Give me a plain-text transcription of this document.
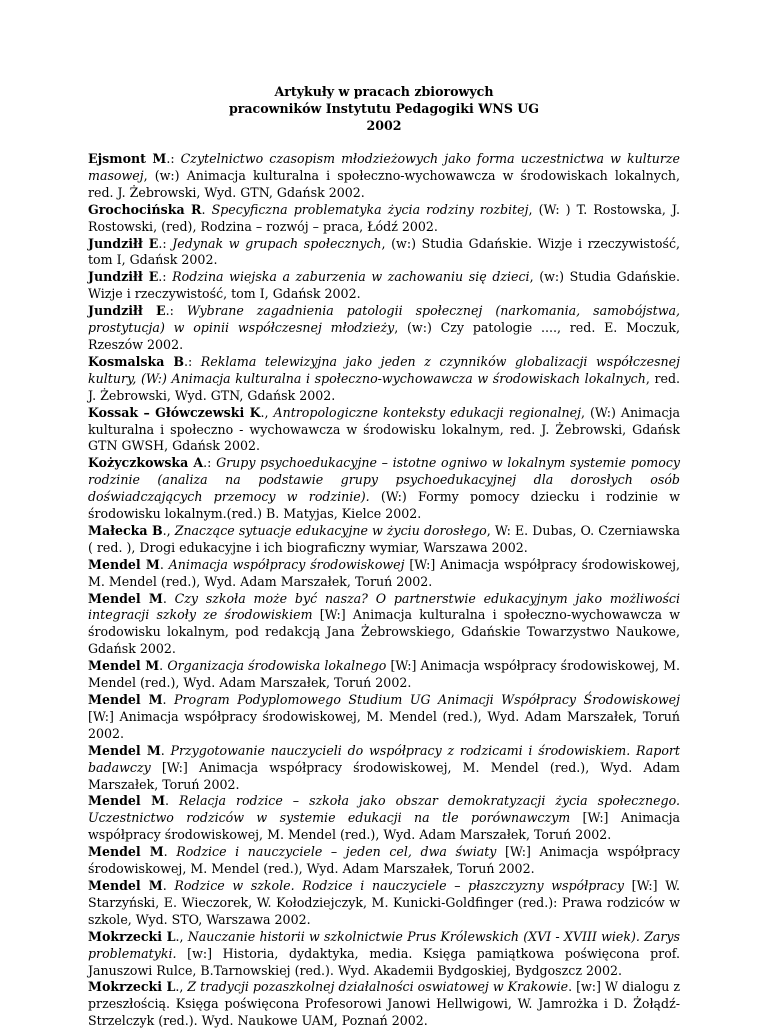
Artykuły w pracach zbiorowych
pracowników Instytutu Pedagogiki WNS UG
2002

Ejsmont M.: Czytelnictwo czasopism młodzieżowych jako forma uczestnictwa w kulturze masowej, (w:) Animacja kulturalna i społeczno-wychowawcza w środowiskach lokalnych, red. J. Żebrowski, Wyd. GTN, Gdańsk 2002.

Grochocińska R. Specyficzna problematyka życia rodziny rozbitej, (W: ) T. Rostowska, J. Rostowski, (red), Rodzina – rozwój – praca, Łódź 2002.

Jundziłł E.: Jedynak w grupach społecznych, (w:) Studia Gdańskie. Wizje i rzeczywistość, tom I, Gdańsk 2002.

Jundziłł E.: Rodzina wiejska a zaburzenia w zachowaniu się dzieci, (w:) Studia Gdańskie. Wizje i rzeczywistość, tom I, Gdańsk 2002.

Jundziłł E.: Wybrane zagadnienia patologii społecznej (narkomania, samobójstwa, prostytucja) w opinii współczesnej młodzieży, (w:) Czy patologie ...., red. E. Moczuk, Rzeszów 2002.

Kosmalska B.: Reklama telewizyjna jako jeden z czynników globalizacji współczesnej kultury, (W:) Animacja kulturalna i społeczno-wychowawcza w środowiskach lokalnych, red. J. Żebrowski, Wyd. GTN, Gdańsk 2002.

Kossak – Główczewski K., Antropologiczne konteksty edukacji regionalnej, (W:) Animacja kulturalna i społeczno - wychowawcza w środowisku lokalnym, red. J. Żebrowski, Gdańsk GTN GWSH, Gdańsk 2002.

Kożyczkowska A.: Grupy psychoedukacyjne – istotne ogniwo w lokalnym systemie pomocy rodzinie (analiza na podstawie grupy psychoedukacyjnej dla dorosłych osób doświadczających przemocy w rodzinie). (W:) Formy pomocy dziecku i rodzinie w środowisku lokalnym.(red.) B. Matyjas, Kielce 2002.

Małecka B., Znaczące sytuacje edukacyjne w życiu dorosłego, W: E. Dubas, O. Czerniawska ( red. ), Drogi edukacyjne i ich biograficzny wymiar, Warszawa 2002.

Mendel M. Animacja współpracy środowiskowej [W:] Animacja współpracy środowiskowej, M. Mendel (red.), Wyd. Adam Marszałek, Toruń 2002.

Mendel M. Czy szkoła może być nasza? O partnerstwie edukacyjnym jako możliwości integracji szkoły ze środowiskiem [W:] Animacja kulturalna i społeczno-wychowawcza w środowisku lokalnym, pod redakcją Jana Żebrowskiego, Gdańskie Towarzystwo Naukowe, Gdańsk 2002.

Mendel M. Organizacja środowiska lokalnego [W:] Animacja współpracy środowiskowej, M. Mendel (red.), Wyd. Adam Marszałek, Toruń 2002.

Mendel M. Program Podyplomowego Studium UG Animacji Współpracy Środowiskowej [W:] Animacja współpracy środowiskowej, M. Mendel (red.), Wyd. Adam Marszałek, Toruń 2002.

Mendel M. Przygotowanie nauczycieli do współpracy z rodzicami i środowiskiem. Raport badawczy [W:] Animacja współpracy środowiskowej, M. Mendel (red.), Wyd. Adam Marszałek, Toruń 2002.

Mendel M. Relacja rodzice – szkoła jako obszar demokratyzacji życia społecznego. Uczestnictwo rodziców w systemie edukacji na tle porównawczym [W:] Animacja współpracy środowiskowej, M. Mendel (red.), Wyd. Adam Marszałek, Toruń 2002.

Mendel M. Rodzice i nauczyciele – jeden cel, dwa światy [W:] Animacja współpracy środowiskowej, M. Mendel (red.), Wyd. Adam Marszałek, Toruń 2002.

Mendel M. Rodzice w szkole. Rodzice i nauczyciele – płaszczyzny współpracy [W:] W. Starzyński, E. Wieczorek, W. Kołodziejczyk, M. Kunicki-Goldfinger (red.): Prawa rodziców w szkole, Wyd. STO, Warszawa 2002.

Mokrzecki L., Nauczanie historii w szkolnictwie Prus Królewskich (XVI - XVIII wiek). Zarys problematyki. [w:] Historia, dydaktyka, media. Księga pamiątkowa poświęcona prof. Januszowi Rulce, B.Tarnowskiej (red.). Wyd. Akademii Bydgoskiej, Bydgoszcz 2002.

Mokrzecki L., Z tradycji pozaszkolnej działalności oswiatowej w Krakowie. [w:] W dialogu z przeszłością. Księga poświęcona Profesorowi Janowi Hellwigowi, W. Jamrożka i D. Żołądź-Strzelczyk (red.). Wyd. Naukowe UAM, Poznań 2002.
